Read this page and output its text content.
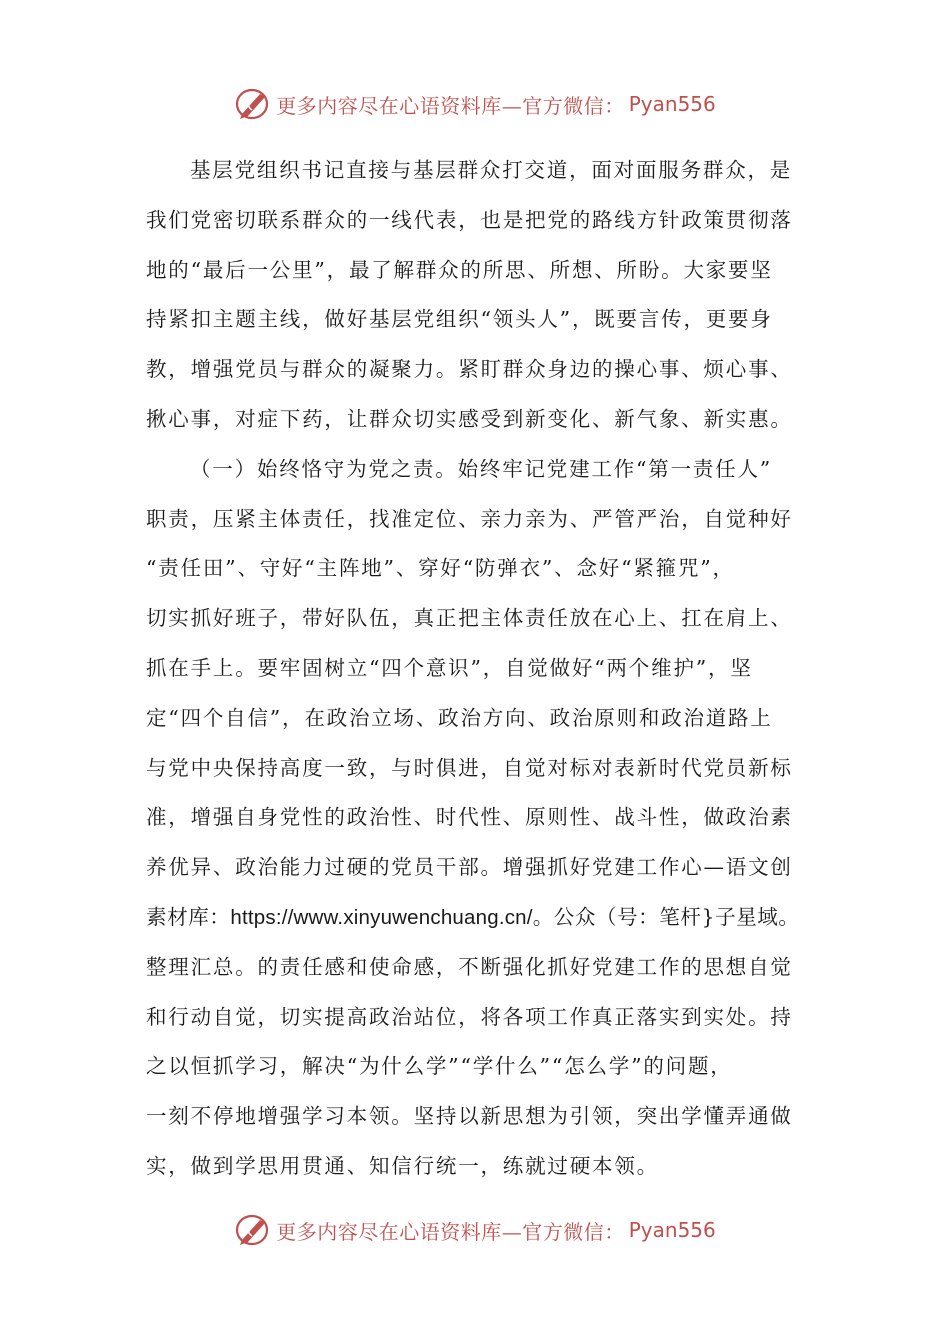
更多内容尽在心语资料库—官方微信： Pyan556
基层党组织书记直接与基层群众打交道，面对面服务群众，是
我们党密切联系群众的一线代表，也是把党的路线方针政策贯彻落
地的“最后一公里”，最了解群众的所思、所想、所盼。大家要坚
持紧扣主题主线，做好基层党组织“领头人”，既要言传，更要身
教，增强党员与群众的凝聚力。紧盯群众身边的操心事、烦心事、
揪心事，对症下药，让群众切实感受到新变化、新气象、新实惠。
（一）始终恪守为党之责。始终牢记党建工作“第一责任人”
职责，压紧主体责任，找准定位、亲力亲为、严管严治，自觉种好
“责任田”、守好“主阵地”、穿好“防弹衣”、念好“紧箍咒”，
切实抓好班子，带好队伍，真正把主体责任放在心上、扛在肩上、
抓在手上。要牢固树立“四个意识”，自觉做好“两个维护”，坚
定“四个自信”，在政治立场、政治方向、政治原则和政治道路上
与党中央保持高度一致，与时俱进，自觉对标对表新时代党员新标
准，增强自身党性的政治性、时代性、原则性、战斗性，做政治素
养优异、政治能力过硬的党员干部。增强抓好党建工作心—语文创
素材库：https://www.xinyuwenchuang.cn/。公众（号：笔杆}子星域。
整理汇总。的责任感和使命感，不断强化抓好党建工作的思想自觉
和行动自觉，切实提高政治站位，将各项工作真正落实到实处。持
之以恒抓学习，解决“为什么学”“学什么”“怎么学”的问题，
一刻不停地增强学习本领。坚持以新思想为引领，突出学懂弄通做
实，做到学思用贯通、知信行统一，练就过硬本领。
更多内容尽在心语资料库—官方微信： Pyan556
